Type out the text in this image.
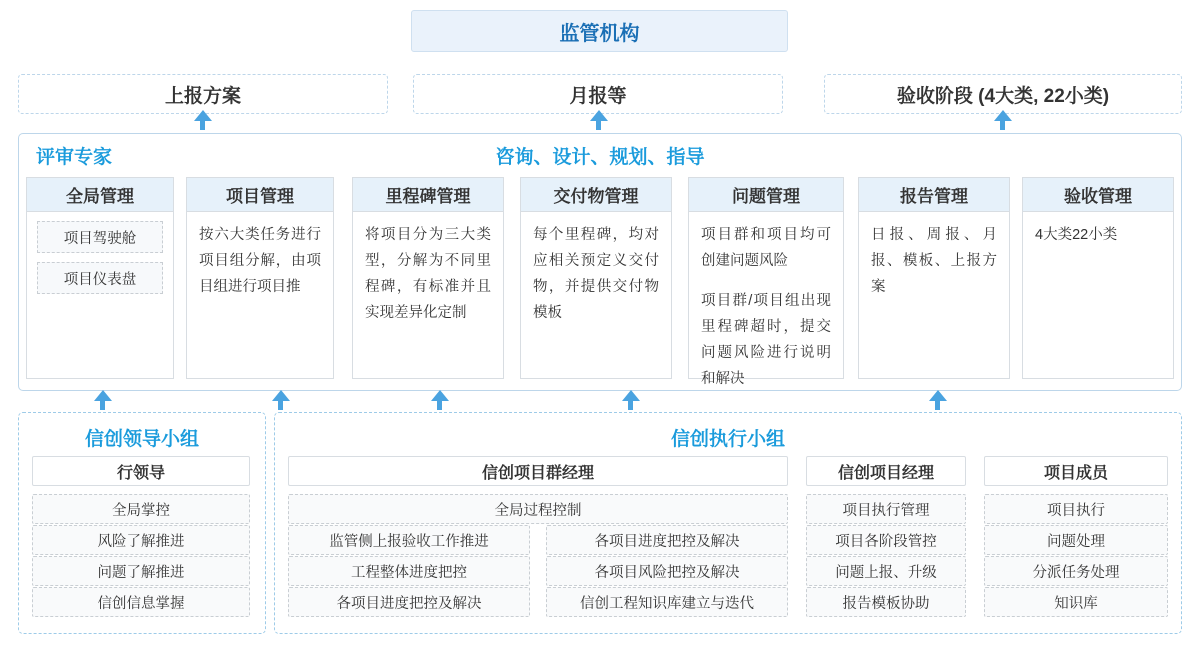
监管机构
上报方案	月报等	验收阶段 (4大类, 22小类)
评审专家	咨询、设计、规划、指导
全局管理
项目驾驶舱
项目仪表盘
项目管理

按六大类任务进行项目组分解，由项目组进行项目推

里程碑管理

将项目分为三大类型，分解为不同里程碑，有标准并且实现差异化定制

交付物管理

每个里程碑，均对应相关预定义交付物，并提供交付物模板

问题管理

项目群和项目均可创建问题风险

项目群/项目组出现里程碑超时，提交问题风险进行说明和解决

报告管理

日报、周报、月报、模板、上报方案

验收管理

4大类22小类

信创领导小组
行领导
全局掌控
风险了解推进
问题了解推进
信创信息掌握
信创执行小组
信创项目群经理
全局过程控制
监管侧上报验收工作推进
工程整体进度把控
各项目进度把控及解决
各项目进度把控及解决
各项目风险把控及解决
信创工程知识库建立与迭代
信创项目经理
项目执行管理
项目各阶段管控
问题上报、升级
报告模板协助
项目成员
项目执行
问题处理
分派任务处理
知识库
